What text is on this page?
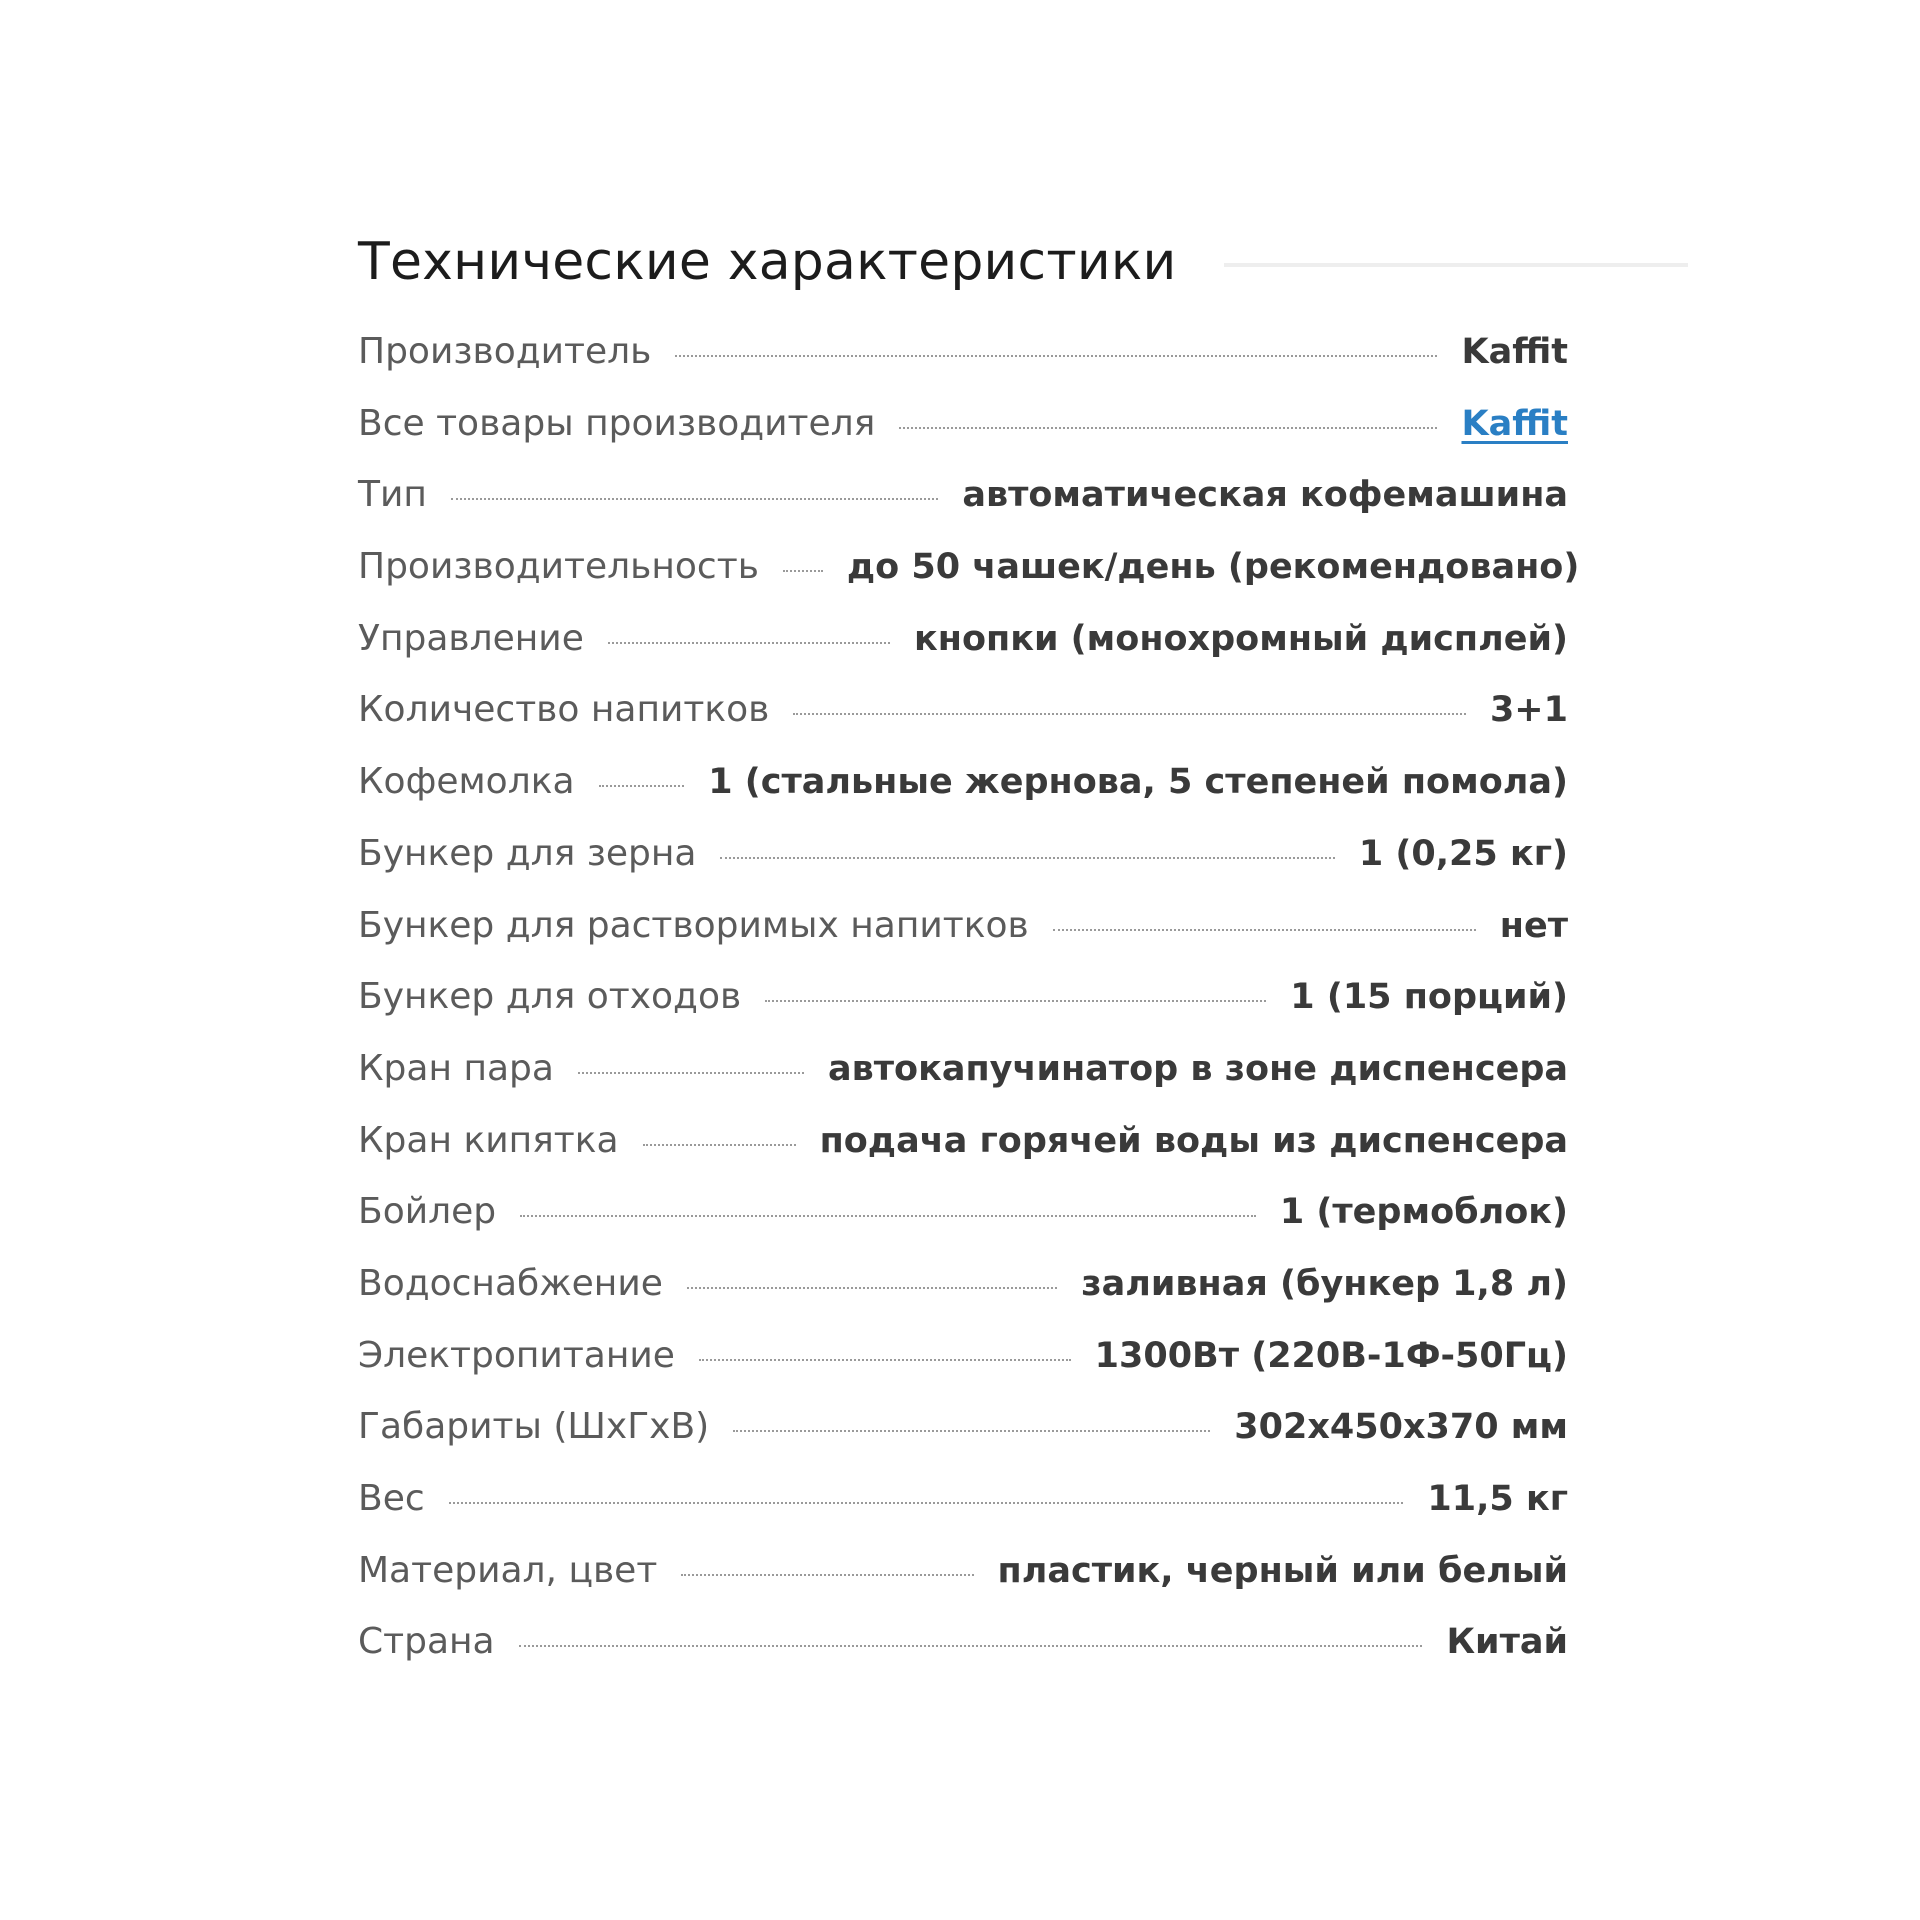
Технические характеристики
Производитель	Kaffit
Все товары производителя	Kaffit
Тип	автоматическая кофемашина
Производительность	до 50 чашек/день (рекомендовано)
Управление	кнопки (монохромный дисплей)
Количество напитков	3+1
Кофемолка	1 (стальные жернова, 5 степеней помола)
Бункер для зерна	1 (0,25 кг)
Бункер для растворимых напитков	нет
Бункер для отходов	1 (15 порций)
Кран пара	автокапучинатор в зоне диспенсера
Кран кипятка	подача горячей воды из диспенсера
Бойлер	1 (термоблок)
Водоснабжение	заливная (бункер 1,8 л)
Электропитание	1300Вт (220В-1Ф-50Гц)
Габариты (ШхГхВ)	302х450х370 мм
Вес	11,5 кг
Материал, цвет	пластик, черный или белый
Страна	Китай
